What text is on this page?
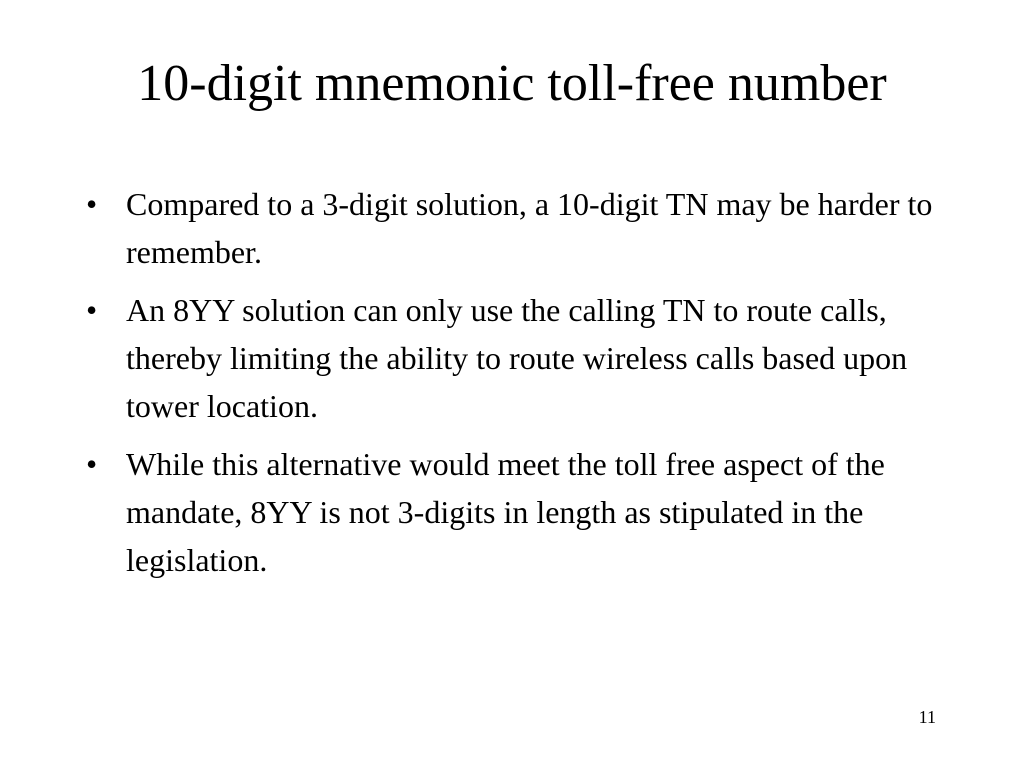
10-digit mnemonic toll-free number
• Compared to a 3-digit solution, a 10-digit TN may be harder to remember.
• An 8YY solution can only use the calling TN to route calls, thereby limiting the ability to route wireless calls based upon tower location.
• While this alternative would meet the toll free aspect of the mandate, 8YY is not 3-digits in length as stipulated in the legislation.
11
